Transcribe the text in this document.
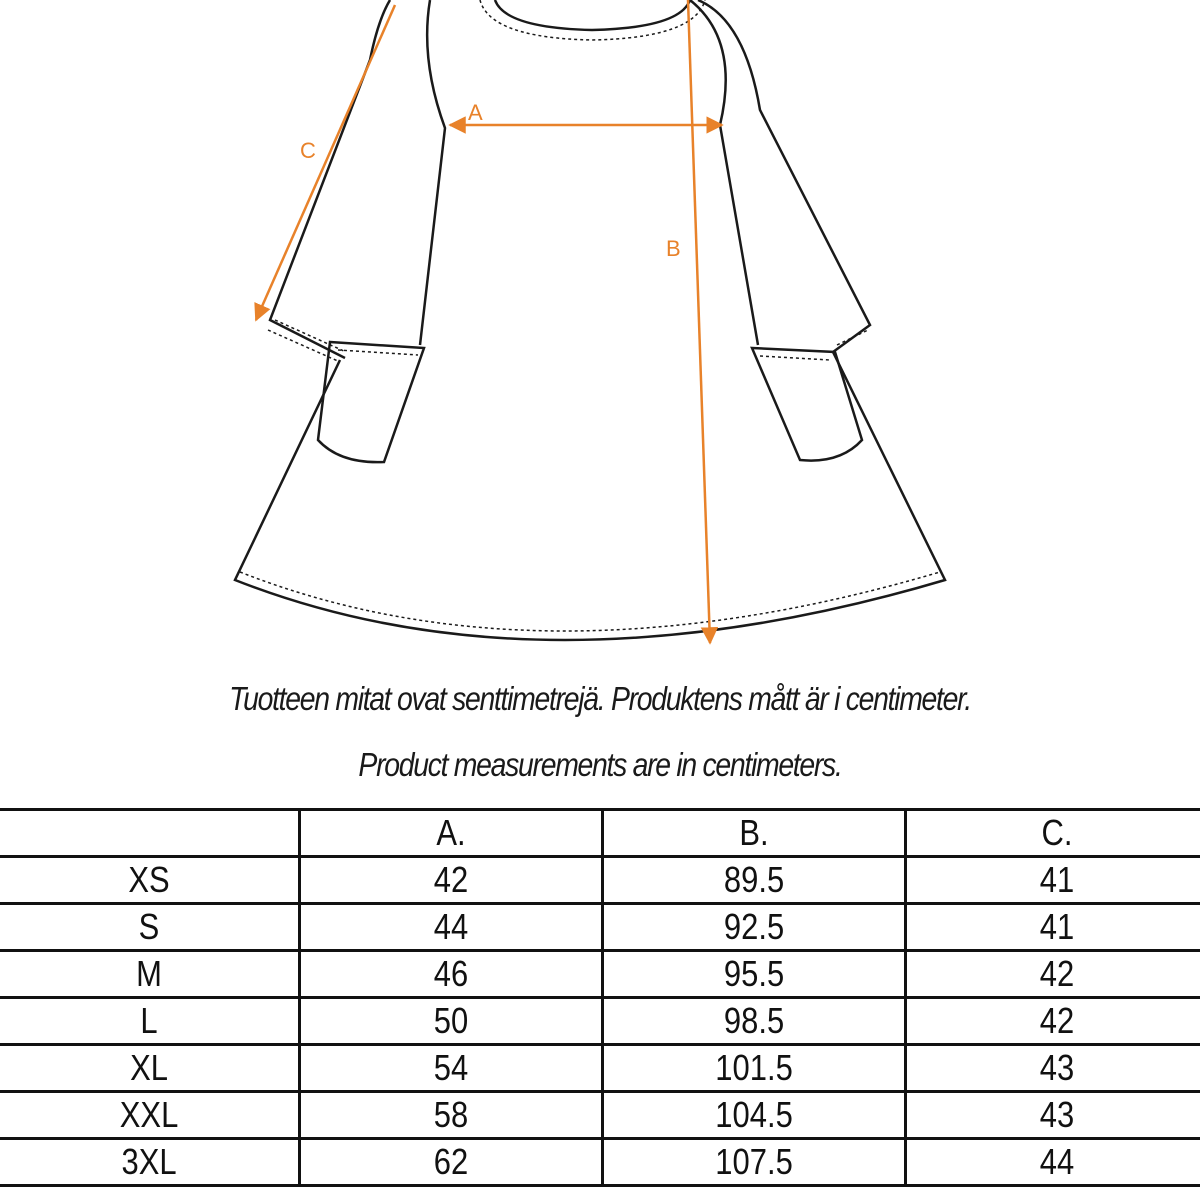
A
B
C
Tuotteen mitat ovat senttimetrejä. Produktens mått är i centimeter.
Product measurements are in centimeters.
	A.	B.	C.
XS	42	89.5	41
S	44	92.5	41
M	46	95.5	42
L	50	98.5	42
XL	54	101.5	43
XXL	58	104.5	43
3XL	62	107.5	44
